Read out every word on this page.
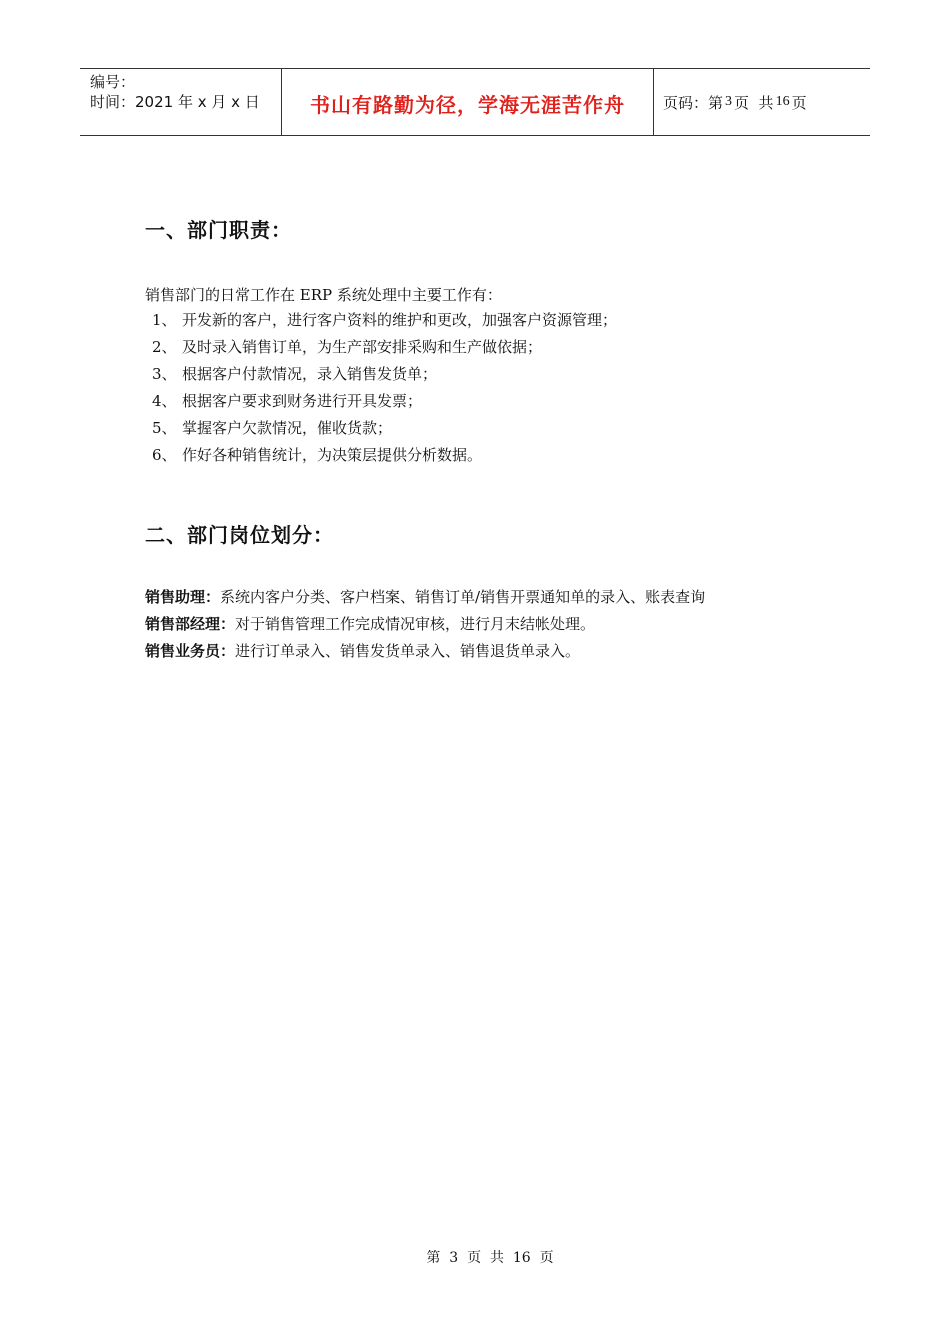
编号：
时间：2021 年 x 月 x 日	书山有路勤为径，学海无涯苦作舟	页码：第 3 页  共 16 页
一、部门职责：
销售部门的日常工作在 ERP 系统处理中主要工作有：
1、 开发新的客户，进行客户资料的维护和更改，加强客户资源管理；
2、 及时录入销售订单，为生产部安排采购和生产做依据；
3、 根据客户付款情况，录入销售发货单；
4、 根据客户要求到财务进行开具发票；
5、 掌握客户欠款情况，催收货款；
6、 作好各种销售统计，为决策层提供分析数据。
二、部门岗位划分：
销售助理：系统内客户分类、客户档案、销售订单/销售开票通知单的录入、账表查询
销售部经理：对于销售管理工作完成情况审核，进行月末结帐处理。
销售业务员：进行订单录入、销售发货单录入、销售退货单录入。
第  3  页  共  16  页
